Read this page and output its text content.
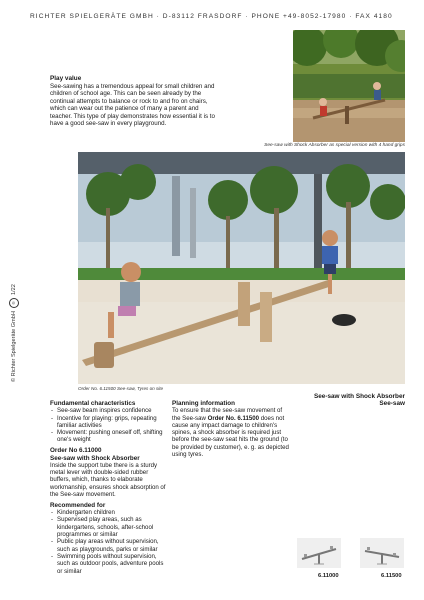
RICHTER SPIELGERÄTE GMBH · D-83112 FRASDORF · PHONE +49-8052-17980 · FAX 4180
© Richter Spielgeräte GmbH
®
1/22
Play value

See-sawing has a tremendous appeal for small children and children of school age. This can be seen already by the continual attempts to balance or rock to and fro on chairs, which can wear out the patience of many a parent and teacher. This type of play demonstrates how essential it is to have a good see-saw in every playground.

See-saw with Shock Absorber as special version with 4 hand grips
Order No. 6.11500 See-saw, Tyres on site
See-saw with Shock Absorber
See-saw
Fundamental characteristics
- See-saw beam inspires confidence
- Incentive for playing: grips, repeating familiar activities
- Movement: pushing oneself off, shifting one's weight
Order No 6.11000
See-saw with Shock Absorber

Inside the support tube there is a sturdy metal lever with double-sided rubber buffers, which, thanks to elaborate workmanship, ensures shock absorption of the See-saw movement.

Recommended for
- Kindergarten children
- Supervised play areas, such as kindergartens, schools, after-school programmes or similar
- Public play areas without supervision, such as playgrounds, parks or similar
- Swimming pools without supervision, such as outdoor pools, adventure pools or similar
Planning information

To ensure that the see-saw movement of the See-saw Order No. 6.11500 does not cause any impact damage to children's spines, a shock absorber is required just before the see-saw seat hits the ground (to be provided by customer), e. g. as depicted using tyres.

6.11000	6.11500
